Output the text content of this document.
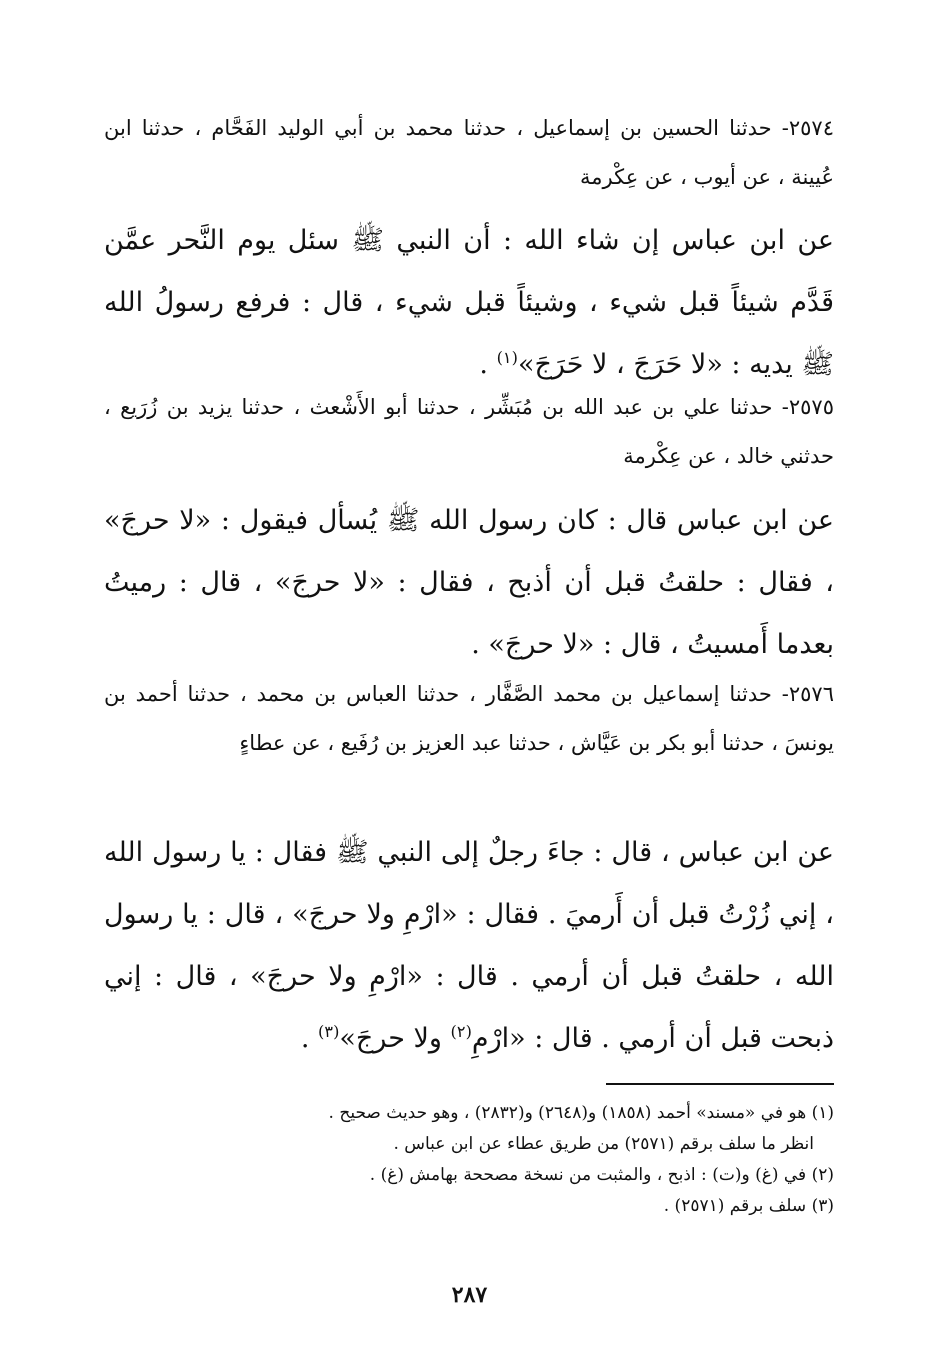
٢٥٧٤- حدثنا الحسين بن إسماعيل ، حدثنا محمد بن أبي الوليد الفَحَّام ، حدثنا ابن عُيينة ، عن أيوب ، عن عِكْرمة

عن ابن عباس إن شاء الله : أن النبي ﷺ سئل يوم النَّحر عمَّن قَدَّم شيئاً قبل شيء ، وشيئاً قبل شيء ، قال : فرفع رسولُ الله ﷺ يديه : «لا حَرَجَ ، لا حَرَجَ»$^{(١)}$ .

٢٥٧٥- حدثنا علي بن عبد الله بن مُبَشِّر ، حدثنا أبو الأَشْعث ، حدثنا يزيد بن زُرَيع ، حدثني خالد ، عن عِكْرمة

عن ابن عباس قال : كان رسول الله ﷺ يُسأل فيقول : «لا حرجَ» ، فقال : حلقتُ قبل أن أذبح ، فقال : «لا حرجَ» ، قال : رميتُ بعدما أَمسيتُ ، قال : «لا حرجَ» .

٢٥٧٦- حدثنا إسماعيل بن محمد الصَّفَّار ، حدثنا العباس بن محمد ، حدثنا أحمد بن يونسَ ، حدثنا أبو بكر بن عَيَّاش ، حدثنا عبد العزيز بن رُفَيع ، عن عطاءٍ

عن ابن عباس ، قال : جاءَ رجلٌ إلى النبي ﷺ فقال : يا رسول الله ، إني زُرْتُ قبل أن أَرميَ . فقال : «ارْمِ ولا حرجَ» ، قال : يا رسول الله ، حلقتُ قبل أن أرمي . قال : «ارْمِ ولا حرجَ» ، قال : إني ذبحت قبل أن أرمي . قال : «ارْمِ$^{(٢)}$ ولا حرجَ»$^{(٣)}$ .

(١) هو في «مسند» أحمد (١٨٥٨) و(٢٦٤٨) و(٢٨٣٢) ، وهو حديث صحيح .

انظر ما سلف برقم (٢٥٧١) من طريق عطاء عن ابن عباس .

(٢) في (غ) و(ت) : اذبح ، والمثبت من نسخة مصححة بهامش (غ) .

(٣) سلف برقم (٢٥٧١) .

٢٨٧
